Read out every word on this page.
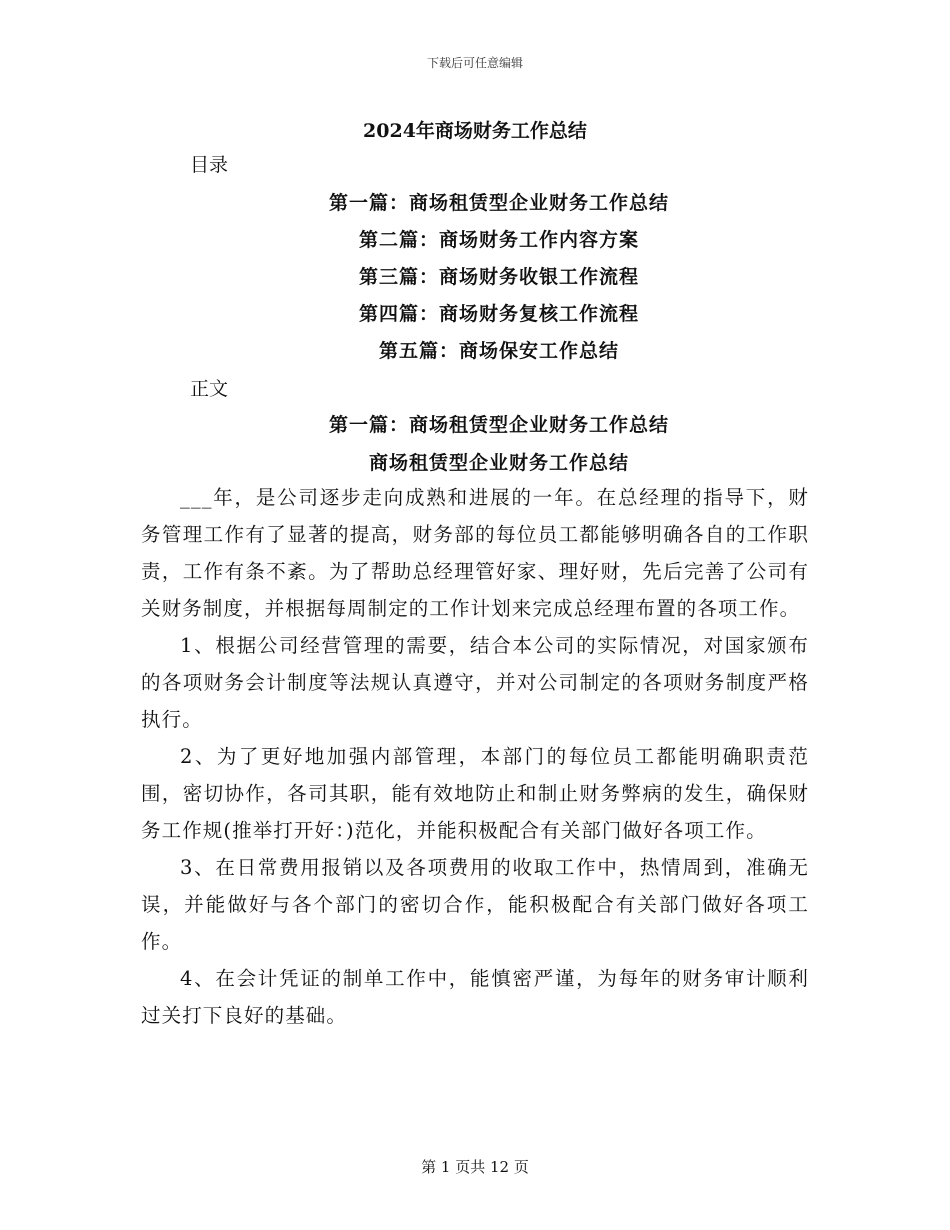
下载后可任意编辑
2024年商场财务工作总结
目录
第一篇：商场租赁型企业财务工作总结
第二篇：商场财务工作内容方案
第三篇：商场财务收银工作流程
第四篇：商场财务复核工作流程
第五篇：商场保安工作总结
正文
第一篇：商场租赁型企业财务工作总结
商场租赁型企业财务工作总结

___年，是公司逐步走向成熟和进展的一年。在总经理的指导下，财务管理工作有了显著的提高，财务部的每位员工都能够明确各自的工作职责，工作有条不紊。为了帮助总经理管好家、理好财，先后完善了公司有关财务制度，并根据每周制定的工作计划来完成总经理布置的各项工作。

1、根据公司经营管理的需要，结合本公司的实际情况，对国家颁布的各项财务会计制度等法规认真遵守，并对公司制定的各项财务制度严格执行。

2、为了更好地加强内部管理，本部门的每位员工都能明确职责范围，密切协作，各司其职，能有效地防止和制止财务弊病的发生，确保财务工作规(推举打开好：)范化，并能积极配合有关部门做好各项工作。

3、在日常费用报销以及各项费用的收取工作中，热情周到，准确无误，并能做好与各个部门的密切合作，能积极配合有关部门做好各项工作。

4、在会计凭证的制单工作中，能慎密严谨，为每年的财务审计顺利过关打下良好的基础。

第 1 页共 12 页
